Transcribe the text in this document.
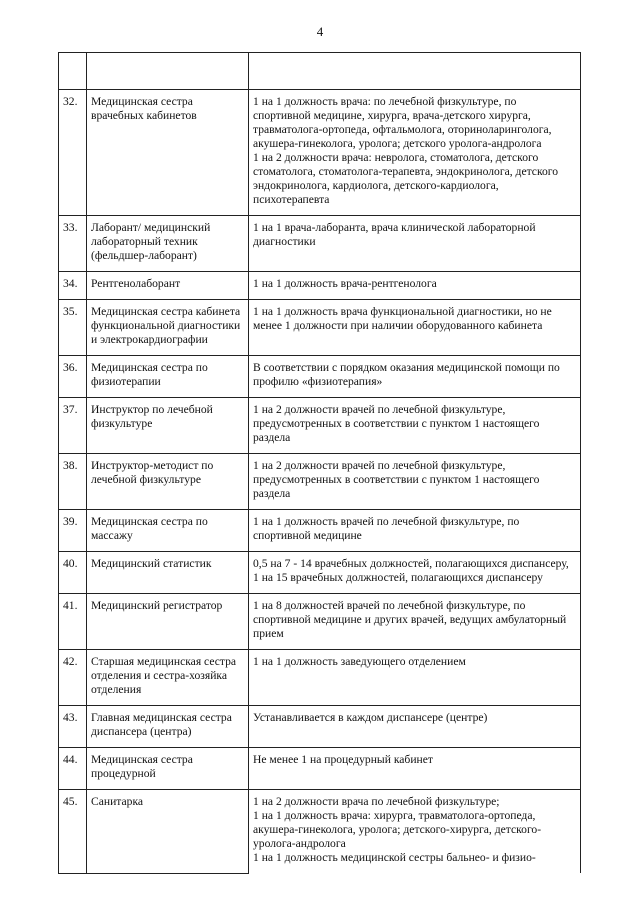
4

32.	Медицинская сестра врачебных кабинетов	1 на 1 должность врача: по лечебной физкультуре, по спортивной медицине, хирурга, врача-детского хирурга, травматолога-ортопеда, офтальмолога, оториноларинголога, акушера-гинеколога, уролога; детского уролога-андролога
1 на 2 должности врача: невролога, стоматолога, детского стоматолога, стоматолога-терапевта, эндокринолога, детского эндокринолога, кардиолога, детского-кардиолога, психотерапевта
33.	Лаборант/ медицинский лабораторный техник (фельдшер-лаборант)	1 на 1 врача-лаборанта, врача клинической лабораторной диагностики
34.	Рентгенолаборант	1 на 1 должность врача-рентгенолога
35.	Медицинская сестра кабинета функциональной диагностики и электрокардиографии	1 на 1 должность врача функциональной диагностики, но не менее 1 должности при наличии оборудованного кабинета
36.	Медицинская сестра по физиотерапии	В соответствии с порядком оказания медицинской помощи по профилю «физиотерапия»
37.	Инструктор по лечебной физкультуре	1 на 2 должности врачей по лечебной физкультуре, предусмотренных в соответствии с пунктом 1 настоящего раздела
38.	Инструктор-методист по лечебной физкультуре	1 на 2 должности врачей по лечебной физкультуре, предусмотренных в соответствии с пунктом 1 настоящего раздела
39.	Медицинская сестра по массажу	1 на 1 должность врачей по лечебной физкультуре, по спортивной медицине
40.	Медицинский статистик	0,5 на 7 - 14 врачебных должностей, полагающихся диспансеру, 1 на 15 врачебных должностей, полагающихся диспансеру
41.	Медицинский регистратор	1 на 8 должностей врачей по лечебной физкультуре, по спортивной медицине и других врачей, ведущих амбулаторный прием
42.	Старшая медицинская сестра отделения и сестра-хозяйка отделения	1 на 1 должность заведующего отделением
43.	Главная медицинская сестра диспансера (центра)	Устанавливается в каждом диспансере (центре)
44.	Медицинская сестра процедурной	Не менее 1 на процедурный кабинет
45.	Санитарка	1 на 2 должности врача по лечебной физкультуре;
1 на 1 должность врача: хирурга, травматолога-ортопеда, акушера-гинеколога, уролога; детского-хирурга, детского-уролога-андролога
1 на 1 должность медицинской сестры бальнео- и физио-
